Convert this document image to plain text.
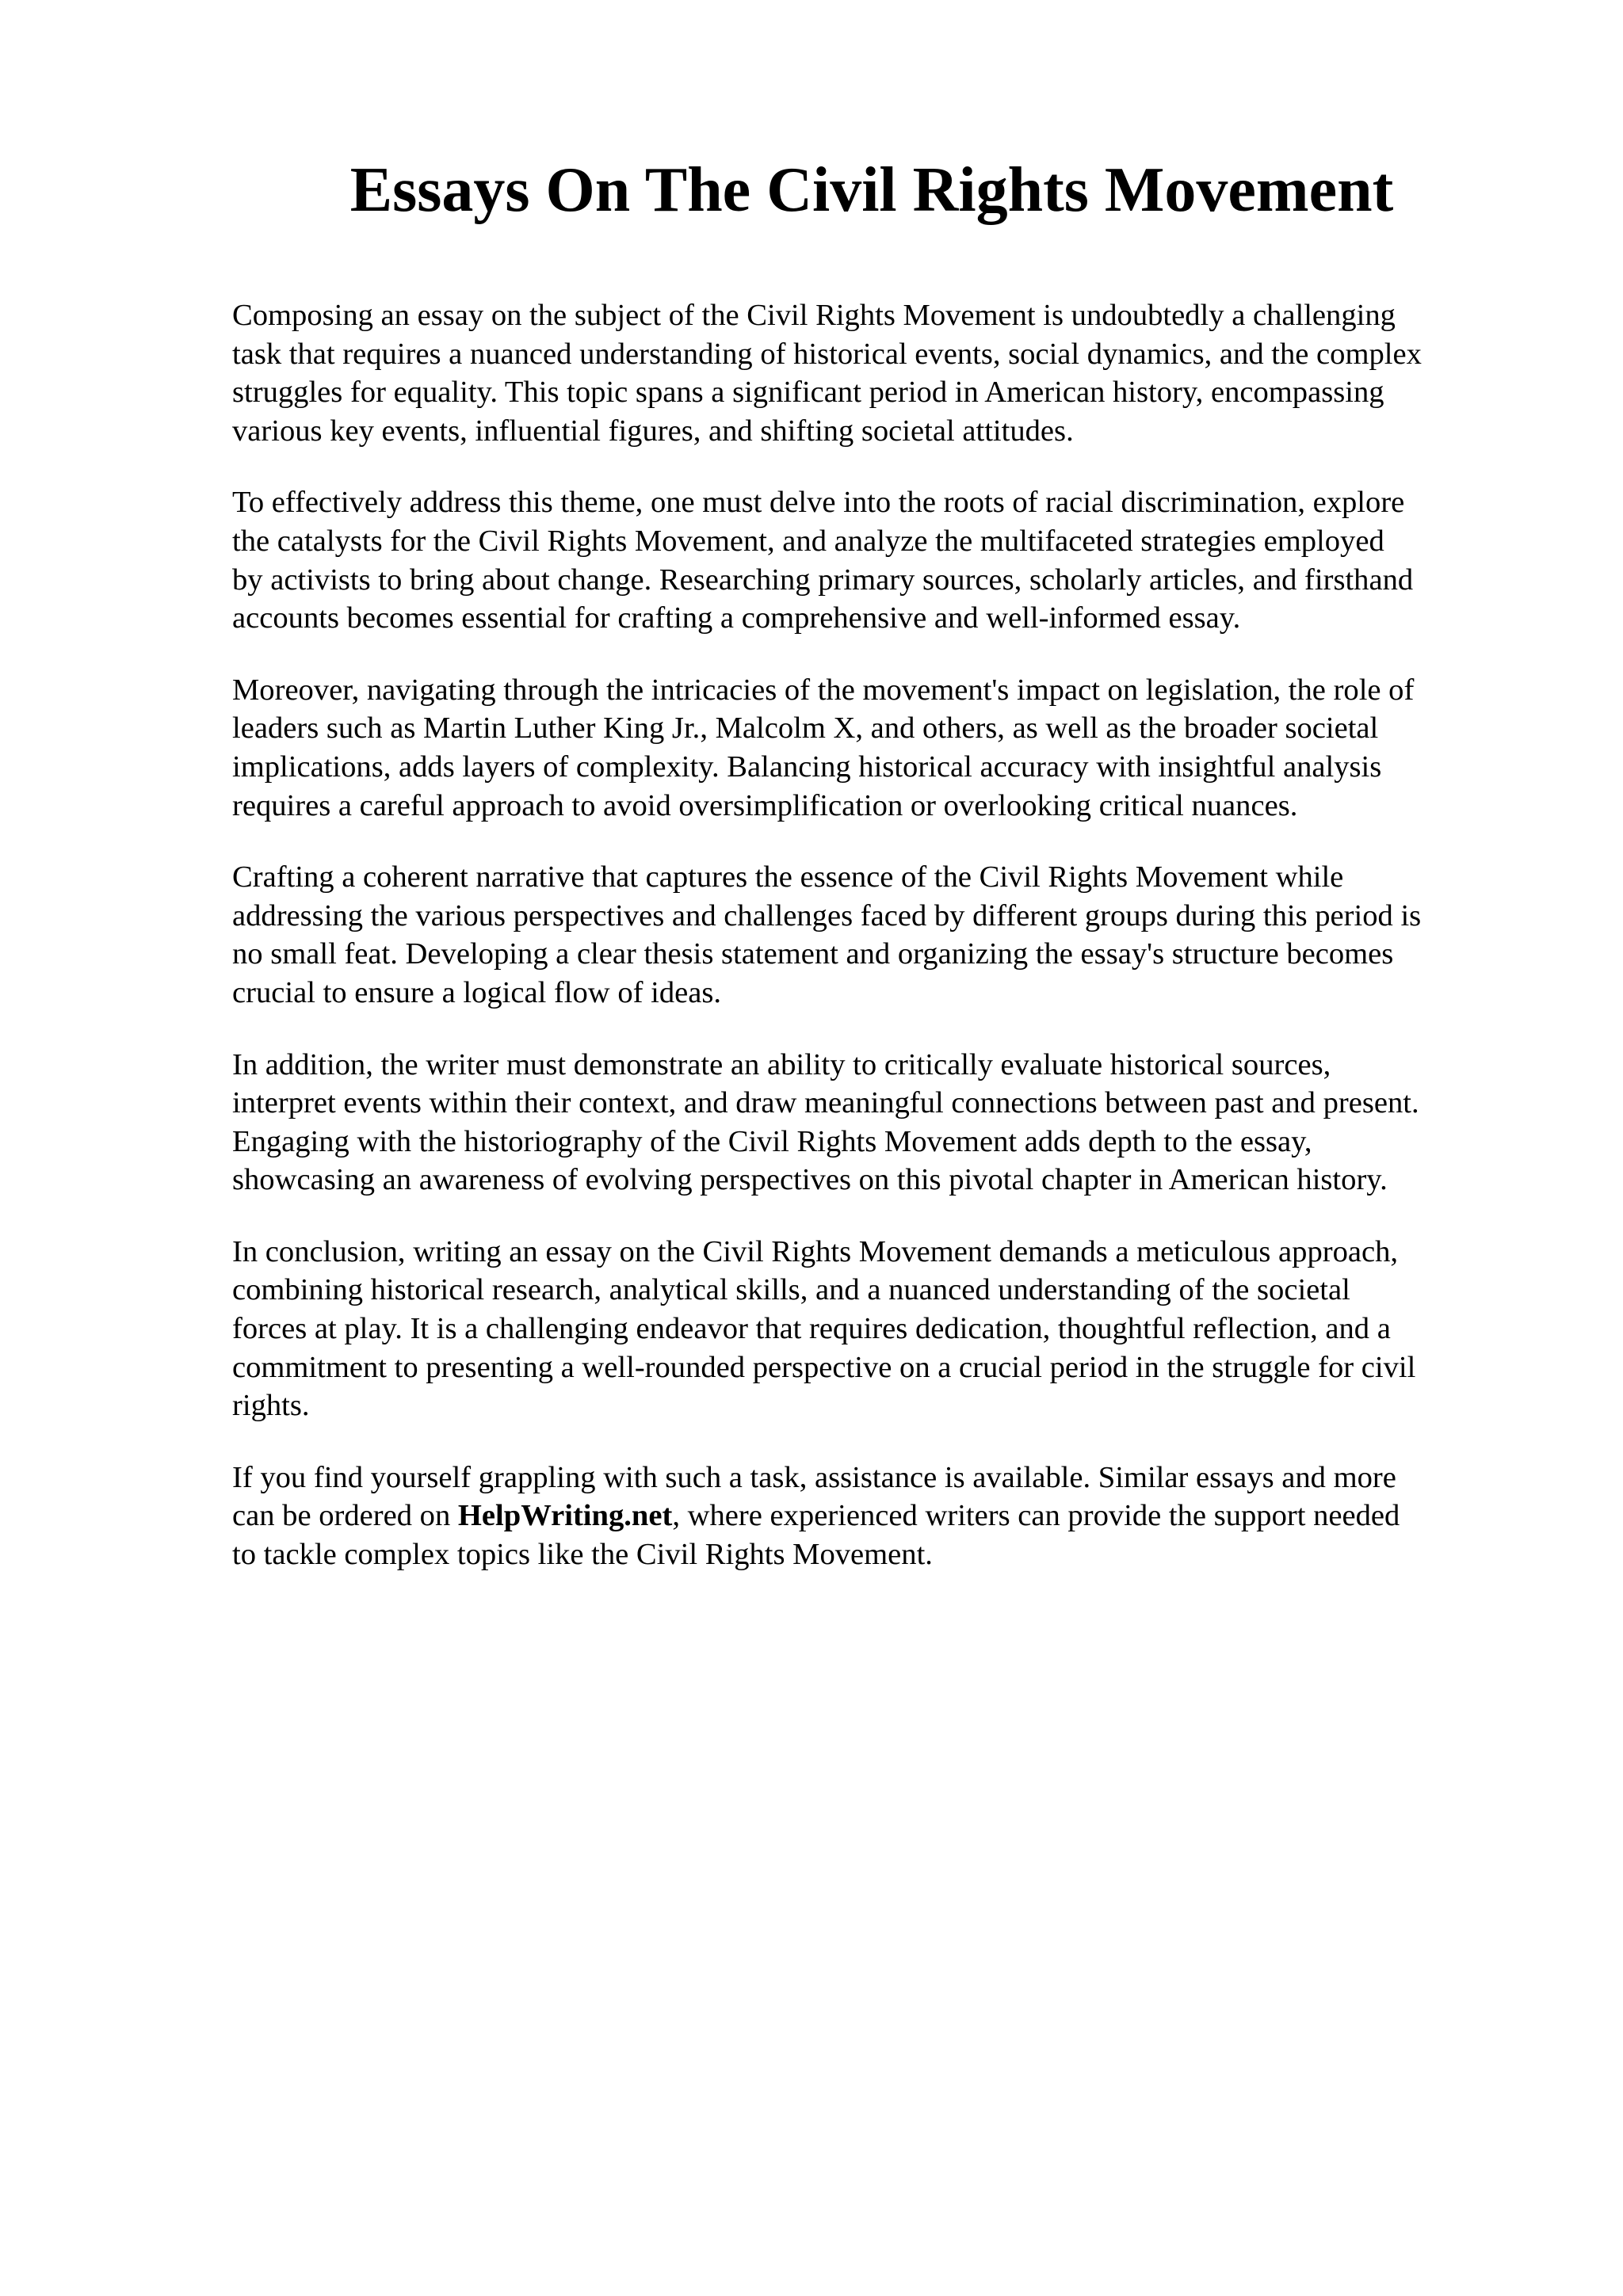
Essays On The Civil Rights Movement

Composing an essay on the subject of the Civil Rights Movement is undoubtedly a challenging
task that requires a nuanced understanding of historical events, social dynamics, and the complex
struggles for equality. This topic spans a significant period in American history, encompassing
various key events, influential figures, and shifting societal attitudes.

To effectively address this theme, one must delve into the roots of racial discrimination, explore
the catalysts for the Civil Rights Movement, and analyze the multifaceted strategies employed
by activists to bring about change. Researching primary sources, scholarly articles, and firsthand
accounts becomes essential for crafting a comprehensive and well-informed essay.

Moreover, navigating through the intricacies of the movement's impact on legislation, the role of
leaders such as Martin Luther King Jr., Malcolm X, and others, as well as the broader societal
implications, adds layers of complexity. Balancing historical accuracy with insightful analysis
requires a careful approach to avoid oversimplification or overlooking critical nuances.

Crafting a coherent narrative that captures the essence of the Civil Rights Movement while
addressing the various perspectives and challenges faced by different groups during this period is
no small feat. Developing a clear thesis statement and organizing the essay's structure becomes
crucial to ensure a logical flow of ideas.

In addition, the writer must demonstrate an ability to critically evaluate historical sources,
interpret events within their context, and draw meaningful connections between past and present.
Engaging with the historiography of the Civil Rights Movement adds depth to the essay,
showcasing an awareness of evolving perspectives on this pivotal chapter in American history.

In conclusion, writing an essay on the Civil Rights Movement demands a meticulous approach,
combining historical research, analytical skills, and a nuanced understanding of the societal
forces at play. It is a challenging endeavor that requires dedication, thoughtful reflection, and a
commitment to presenting a well-rounded perspective on a crucial period in the struggle for civil
rights.

If you find yourself grappling with such a task, assistance is available. Similar essays and more
can be ordered on HelpWriting.net, where experienced writers can provide the support needed
to tackle complex topics like the Civil Rights Movement.
